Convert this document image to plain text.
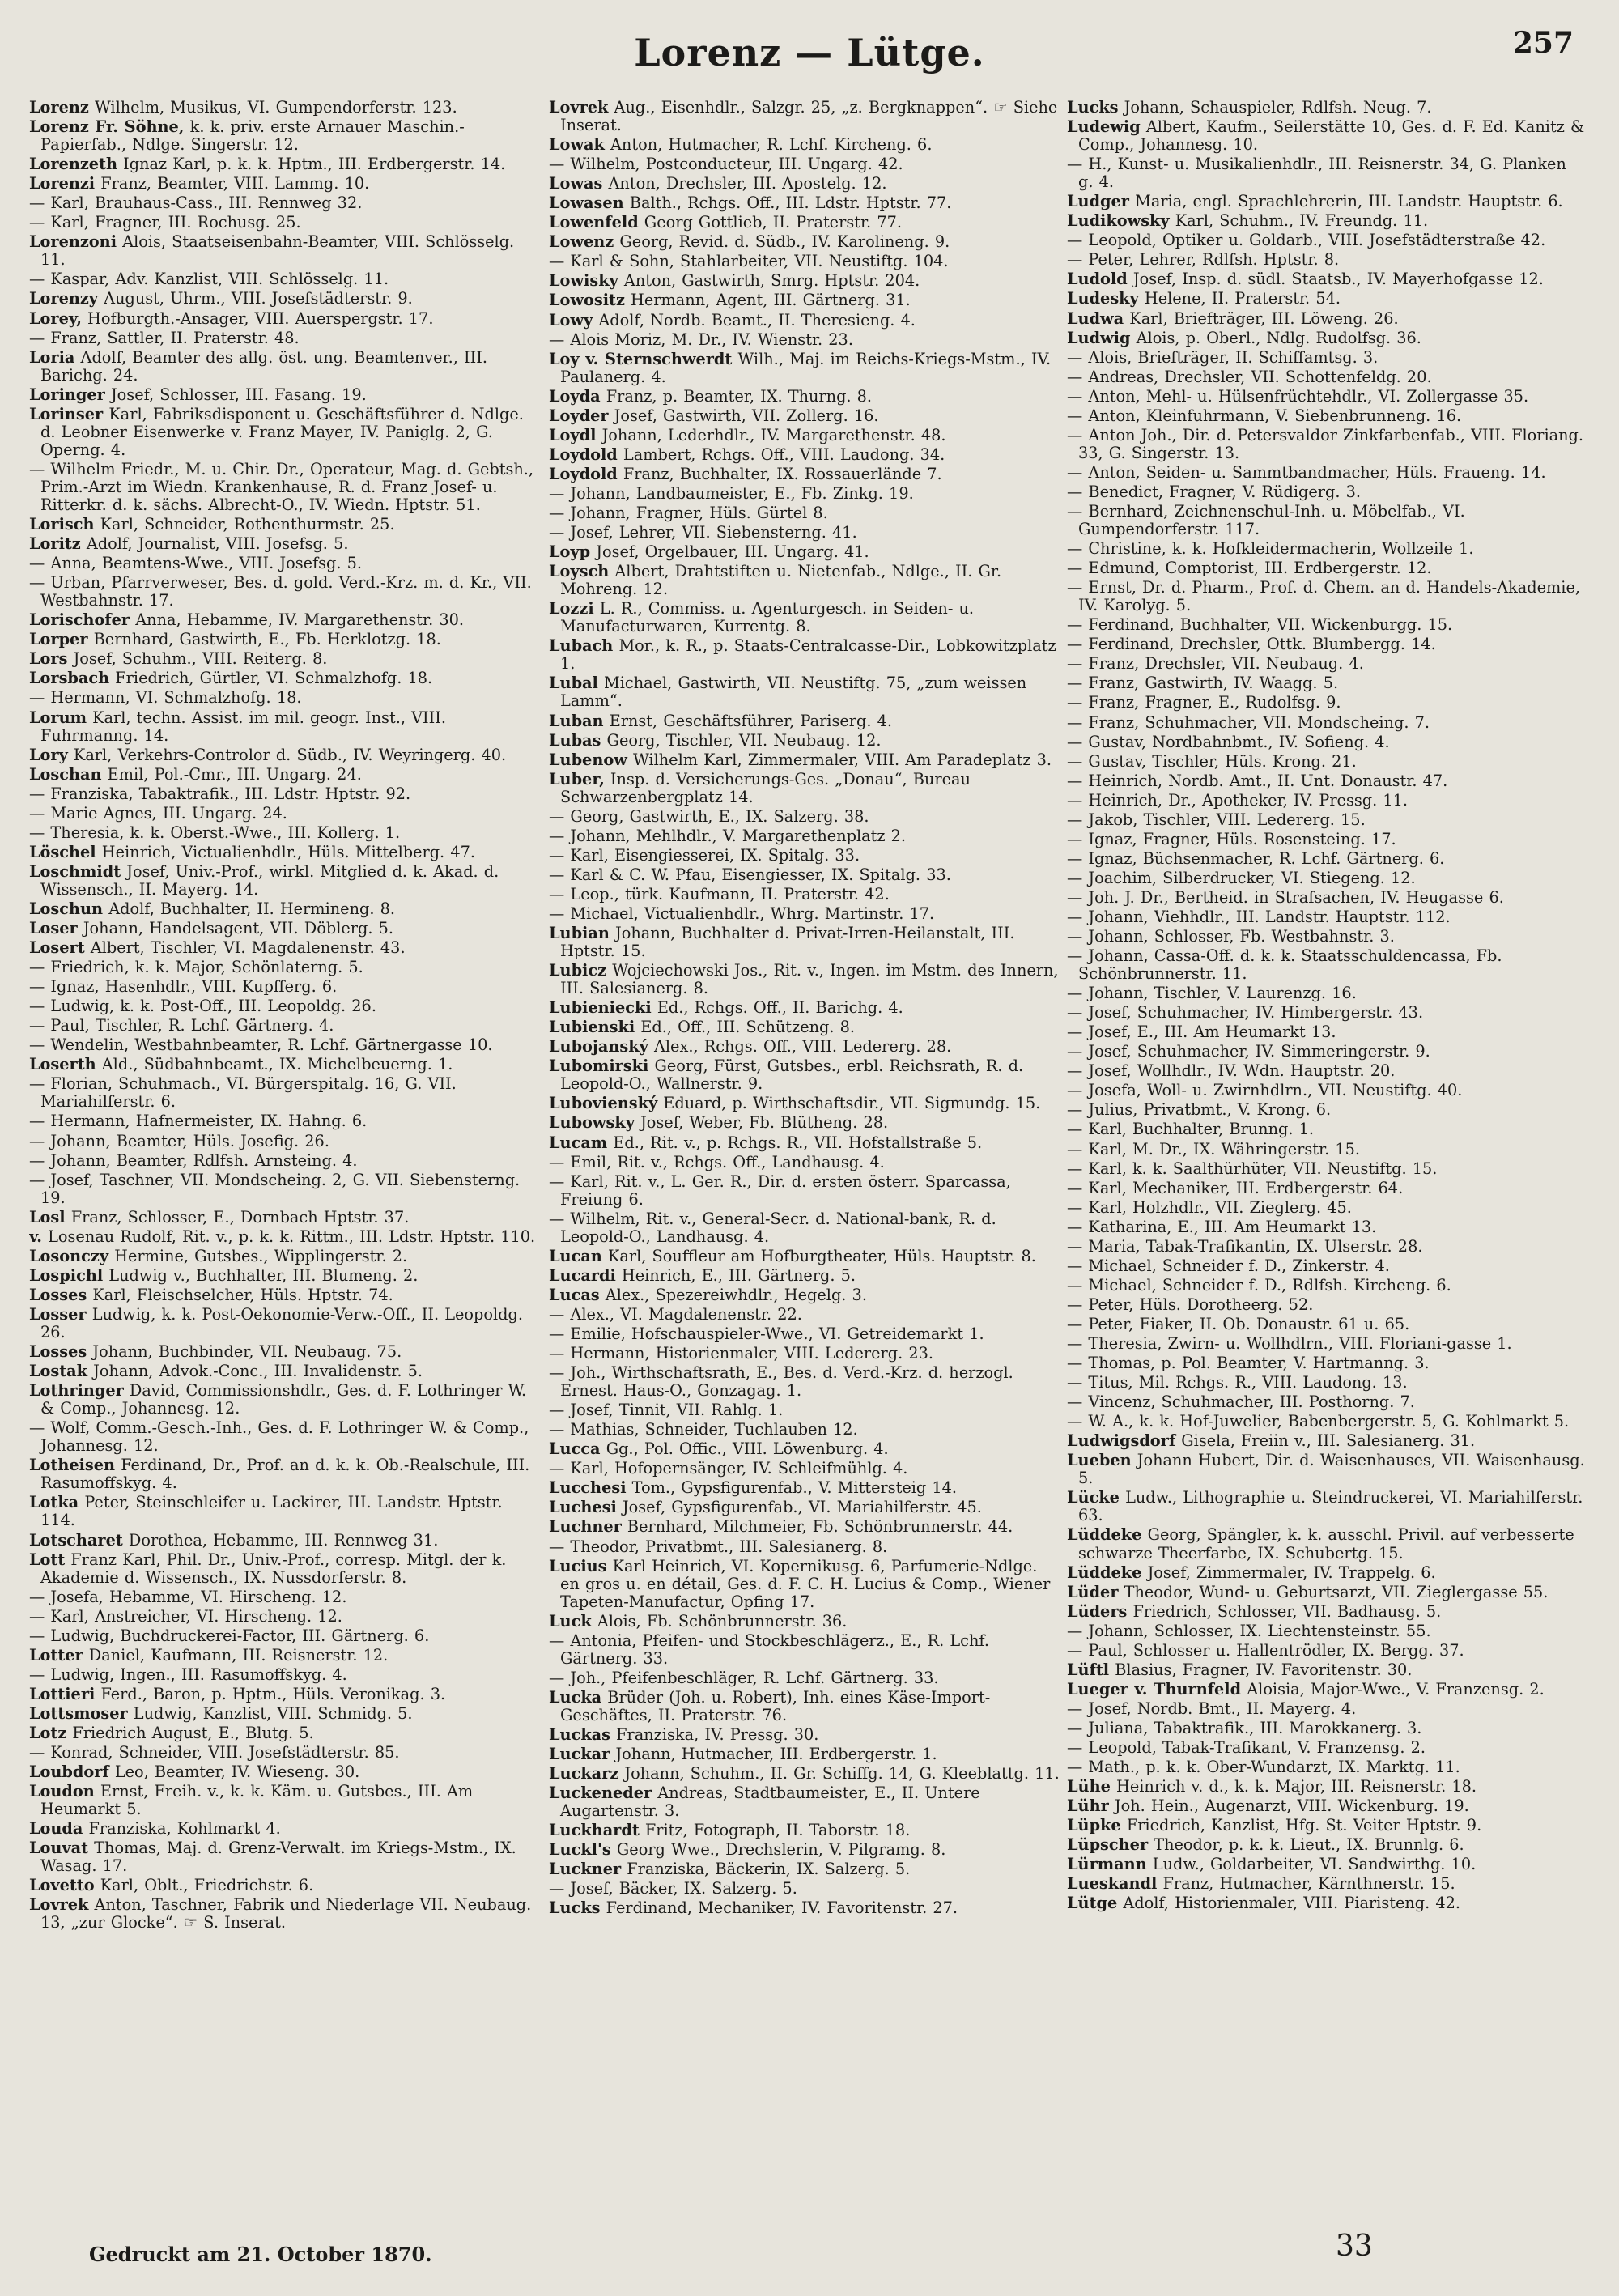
Lorenz — Lütge.	257
Lorenz Wilhelm, Musikus, VI. Gumpendorferstr. 123.
Lorenz Fr. Söhne, k. k. priv. erste Arnauer Maschin.-Papierfab., Ndlge. Singerstr. 12.
Lorenzeth Ignaz Karl, p. k. k. Hptm., III. Erdbergerstr. 14.
Lorenzi Franz, Beamter, VIII. Lammg. 10.
— Karl, Brauhaus-Cass., III. Rennweg 32.
— Karl, Fragner, III. Rochusg. 25.
Lorenzoni Alois, Staatseisenbahn-Beamter, VIII. Schlösselg. 11.
— Kaspar, Adv. Kanzlist, VIII. Schlösselg. 11.
Lorenzy August, Uhrm., VIII. Josefstädterstr. 9.
Lorey, Hofburgth.-Ansager, VIII. Auerspergstr. 17.
— Franz, Sattler, II. Praterstr. 48.
Loria Adolf, Beamter des allg. öst. ung. Beamtenver., III. Barichg. 24.
Loringer Josef, Schlosser, III. Fasang. 19.
Lorinser Karl, Fabriksdisponent u. Geschäftsführer d. Ndlge. d. Leobner Eisenwerke v. Franz Mayer, IV. Paniglg. 2, G. Operng. 4.
— Wilhelm Friedr., M. u. Chir. Dr., Operateur, Mag. d. Gebtsh., Prim.-Arzt im Wiedn. Krankenhause, R. d. Franz Josef- u. Ritterkr. d. k. sächs. Albrecht-O., IV. Wiedn. Hptstr. 51.
Lorisch Karl, Schneider, Rothenthurmstr. 25.
Loritz Adolf, Journalist, VIII. Josefsg. 5.
— Anna, Beamtens-Wwe., VIII. Josefsg. 5.
— Urban, Pfarrverweser, Bes. d. gold. Verd.-Krz. m. d. Kr., VII. Westbahnstr. 17.
Lorischofer Anna, Hebamme, IV. Margarethenstr. 30.
Lorper Bernhard, Gastwirth, E., Fb. Herklotzg. 18.
Lors Josef, Schuhm., VIII. Reiterg. 8.
Lorsbach Friedrich, Gürtler, VI. Schmalzhofg. 18.
— Hermann, VI. Schmalzhofg. 18.
Lorum Karl, techn. Assist. im mil. geogr. Inst., VIII. Fuhrmanng. 14.
Lory Karl, Verkehrs-Controlor d. Südb., IV. Weyringerg. 40.
Loschan Emil, Pol.-Cmr., III. Ungarg. 24.
— Franziska, Tabaktrafik., III. Ldstr. Hptstr. 92.
— Marie Agnes, III. Ungarg. 24.
— Theresia, k. k. Oberst.-Wwe., III. Kollerg. 1.
Löschel Heinrich, Victualienhdlr., Hüls. Mittelberg. 47.
Loschmidt Josef, Univ.-Prof., wirkl. Mitglied d. k. Akad. d. Wissensch., II. Mayerg. 14.
Loschun Adolf, Buchhalter, II. Hermineng. 8.
Loser Johann, Handelsagent, VII. Döblerg. 5.
Losert Albert, Tischler, VI. Magdalenenstr. 43.
— Friedrich, k. k. Major, Schönlaterng. 5.
— Ignaz, Hasenhdlr., VIII. Kupfferg. 6.
— Ludwig, k. k. Post-Off., III. Leopoldg. 26.
— Paul, Tischler, R. Lchf. Gärtnerg. 4.
— Wendelin, Westbahnbeamter, R. Lchf. Gärtnergasse 10.
Loserth Ald., Südbahnbeamt., IX. Michelbeuerng. 1.
— Florian, Schuhmach., VI. Bürgerspitalg. 16, G. VII. Mariahilferstr. 6.
— Hermann, Hafnermeister, IX. Hahng. 6.
— Johann, Beamter, Hüls. Josefig. 26.
— Johann, Beamter, Rdlfsh. Arnsteing. 4.
— Josef, Taschner, VII. Mondscheing. 2, G. VII. Siebensterng. 19.
Losl Franz, Schlosser, E., Dornbach Hptstr. 37.
v. Losenau Rudolf, Rit. v., p. k. k. Rittm., III. Ldstr. Hptstr. 110.
Losonczy Hermine, Gutsbes., Wipplingerstr. 2.
Lospichl Ludwig v., Buchhalter, III. Blumeng. 2.
Losses Karl, Fleischselcher, Hüls. Hptstr. 74.
Losser Ludwig, k. k. Post-Oekonomie-Verw.-Off., II. Leopoldg. 26.
Losses Johann, Buchbinder, VII. Neubaug. 75.
Lostak Johann, Advok.-Conc., III. Invalidenstr. 5.
Lothringer David, Commissionshdlr., Ges. d. F. Lothringer W. & Comp., Johannesg. 12.
— Wolf, Comm.-Gesch.-Inh., Ges. d. F. Lothringer W. & Comp., Johannesg. 12.
Lotheisen Ferdinand, Dr., Prof. an d. k. k. Ob.-Realschule, III. Rasumoffskyg. 4.
Lotka Peter, Steinschleifer u. Lackirer, III. Landstr. Hptstr. 114.
Lotscharet Dorothea, Hebamme, III. Rennweg 31.
Lott Franz Karl, Phil. Dr., Univ.-Prof., corresp. Mitgl. der k. Akademie d. Wissensch., IX. Nussdorferstr. 8.
— Josefa, Hebamme, VI. Hirscheng. 12.
— Karl, Anstreicher, VI. Hirscheng. 12.
— Ludwig, Buchdruckerei-Factor, III. Gärtnerg. 6.
Lotter Daniel, Kaufmann, III. Reisnerstr. 12.
— Ludwig, Ingen., III. Rasumoffskyg. 4.
Lottieri Ferd., Baron, p. Hptm., Hüls. Veronikag. 3.
Lottsmoser Ludwig, Kanzlist, VIII. Schmidg. 5.
Lotz Friedrich August, E., Blutg. 5.
— Konrad, Schneider, VIII. Josefstädterstr. 85.
Loubdorf Leo, Beamter, IV. Wieseng. 30.
Loudon Ernst, Freih. v., k. k. Käm. u. Gutsbes., III. Am Heumarkt 5.
Louda Franziska, Kohlmarkt 4.
Louvat Thomas, Maj. d. Grenz-Verwalt. im Kriegs-Mstm., IX. Wasag. 17.
Lovetto Karl, Oblt., Friedrichstr. 6.
Lovrek Anton, Taschner, Fabrik und Niederlage VII. Neubaug. 13, „zur Glocke“. ☞ S. Inserat.
Lovrek Aug., Eisenhdlr., Salzgr. 25, „z. Bergknappen“. ☞ Siehe Inserat.
Lowak Anton, Hutmacher, R. Lchf. Kircheng. 6.
— Wilhelm, Postconducteur, III. Ungarg. 42.
Lowas Anton, Drechsler, III. Apostelg. 12.
Lowasen Balth., Rchgs. Off., III. Ldstr. Hptstr. 77.
Lowenfeld Georg Gottlieb, II. Praterstr. 77.
Lowenz Georg, Revid. d. Südb., IV. Karolineng. 9.
— Karl & Sohn, Stahlarbeiter, VII. Neustiftg. 104.
Lowisky Anton, Gastwirth, Smrg. Hptstr. 204.
Lowositz Hermann, Agent, III. Gärtnerg. 31.
Lowy Adolf, Nordb. Beamt., II. Theresieng. 4.
— Alois Moriz, M. Dr., IV. Wienstr. 23.
Loy v. Sternschwerdt Wilh., Maj. im Reichs-Kriegs-Mstm., IV. Paulanerg. 4.
Loyda Franz, p. Beamter, IX. Thurng. 8.
Loyder Josef, Gastwirth, VII. Zollerg. 16.
Loydl Johann, Lederhdlr., IV. Margarethenstr. 48.
Loydold Lambert, Rchgs. Off., VIII. Laudong. 34.
Loydold Franz, Buchhalter, IX. Rossauerlände 7.
— Johann, Landbaumeister, E., Fb. Zinkg. 19.
— Johann, Fragner, Hüls. Gürtel 8.
— Josef, Lehrer, VII. Siebensterng. 41.
Loyp Josef, Orgelbauer, III. Ungarg. 41.
Loysch Albert, Drahtstiften u. Nietenfab., Ndlge., II. Gr. Mohreng. 12.
Lozzi L. R., Commiss. u. Agenturgesch. in Seiden- u. Manufacturwaren, Kurrentg. 8.
Lubach Mor., k. R., p. Staats-Centralcasse-Dir., Lobkowitzplatz 1.
Lubal Michael, Gastwirth, VII. Neustiftg. 75, „zum weissen Lamm“.
Luban Ernst, Geschäftsführer, Pariserg. 4.
Lubas Georg, Tischler, VII. Neubaug. 12.
Lubenow Wilhelm Karl, Zimmermaler, VIII. Am Paradeplatz 3.
Luber, Insp. d. Versicherungs-Ges. „Donau“, Bureau Schwarzenbergplatz 14.
— Georg, Gastwirth, E., IX. Salzerg. 38.
— Johann, Mehlhdlr., V. Margarethenplatz 2.
— Karl, Eisengiesserei, IX. Spitalg. 33.
— Karl & C. W. Pfau, Eisengiesser, IX. Spitalg. 33.
— Leop., türk. Kaufmann, II. Praterstr. 42.
— Michael, Victualienhdlr., Whrg. Martinstr. 17.
Lubian Johann, Buchhalter d. Privat-Irren-Heilanstalt, III. Hptstr. 15.
Lubicz Wojciechowski Jos., Rit. v., Ingen. im Mstm. des Innern, III. Salesianerg. 8.
Lubieniecki Ed., Rchgs. Off., II. Barichg. 4.
Lubienski Ed., Off., III. Schützeng. 8.
Lubojanský Alex., Rchgs. Off., VIII. Ledererg. 28.
Lubomirski Georg, Fürst, Gutsbes., erbl. Reichsrath, R. d. Leopold-O., Wallnerstr. 9.
Lubovienský Eduard, p. Wirthschaftsdir., VII. Sigmundg. 15.
Lubowsky Josef, Weber, Fb. Blütheng. 28.
Lucam Ed., Rit. v., p. Rchgs. R., VII. Hofstallstraße 5.
— Emil, Rit. v., Rchgs. Off., Landhausg. 4.
— Karl, Rit. v., L. Ger. R., Dir. d. ersten österr. Sparcassa, Freiung 6.
— Wilhelm, Rit. v., General-Secr. d. National-bank, R. d. Leopold-O., Landhausg. 4.
Lucan Karl, Souffleur am Hofburgtheater, Hüls. Hauptstr. 8.
Lucardi Heinrich, E., III. Gärtnerg. 5.
Lucas Alex., Spezereiwhdlr., Hegelg. 3.
— Alex., VI. Magdalenenstr. 22.
— Emilie, Hofschauspieler-Wwe., VI. Getreidemarkt 1.
— Hermann, Historienmaler, VIII. Ledererg. 23.
— Joh., Wirthschaftsrath, E., Bes. d. Verd.-Krz. d. herzogl. Ernest. Haus-O., Gonzagag. 1.
— Josef, Tinnit, VII. Rahlg. 1.
— Mathias, Schneider, Tuchlauben 12.
Lucca Gg., Pol. Offic., VIII. Löwenburg. 4.
— Karl, Hofopernsänger, IV. Schleifmühlg. 4.
Lucchesi Tom., Gypsfigurenfab., V. Mittersteig 14.
Luchesi Josef, Gypsfigurenfab., VI. Mariahilferstr. 45.
Luchner Bernhard, Milchmeier, Fb. Schönbrunnerstr. 44.
— Theodor, Privatbmt., III. Salesianerg. 8.
Lucius Karl Heinrich, VI. Kopernikusg. 6, Parfumerie-Ndlge. en gros u. en détail, Ges. d. F. C. H. Lucius & Comp., Wiener Tapeten-Manufactur, Opfing 17.
Luck Alois, Fb. Schönbrunnerstr. 36.
— Antonia, Pfeifen- und Stockbeschlägerz., E., R. Lchf. Gärtnerg. 33.
— Joh., Pfeifenbeschläger, R. Lchf. Gärtnerg. 33.
Lucka Brüder (Joh. u. Robert), Inh. eines Käse-Import-Geschäftes, II. Praterstr. 76.
Luckas Franziska, IV. Pressg. 30.
Luckar Johann, Hutmacher, III. Erdbergerstr. 1.
Luckarz Johann, Schuhm., II. Gr. Schiffg. 14, G. Kleeblattg. 11.
Luckeneder Andreas, Stadtbaumeister, E., II. Untere Augartenstr. 3.
Luckhardt Fritz, Fotograph, II. Taborstr. 18.
Luckl's Georg Wwe., Drechslerin, V. Pilgramg. 8.
Luckner Franziska, Bäckerin, IX. Salzerg. 5.
— Josef, Bäcker, IX. Salzerg. 5.
Lucks Ferdinand, Mechaniker, IV. Favoritenstr. 27.
Lucks Johann, Schauspieler, Rdlfsh. Neug. 7.
Ludewig Albert, Kaufm., Seilerstätte 10, Ges. d. F. Ed. Kanitz & Comp., Johannesg. 10.
— H., Kunst- u. Musikalienhdlr., III. Reisnerstr. 34, G. Planken g. 4.
Ludger Maria, engl. Sprachlehrerin, III. Landstr. Hauptstr. 6.
Ludikowsky Karl, Schuhm., IV. Freundg. 11.
— Leopold, Optiker u. Goldarb., VIII. Josefstädterstraße 42.
— Peter, Lehrer, Rdlfsh. Hptstr. 8.
Ludold Josef, Insp. d. südl. Staatsb., IV. Mayerhofgasse 12.
Ludesky Helene, II. Praterstr. 54.
Ludwa Karl, Briefträger, III. Löweng. 26.
Ludwig Alois, p. Oberl., Ndlg. Rudolfsg. 36.
— Alois, Briefträger, II. Schiffamtsg. 3.
— Andreas, Drechsler, VII. Schottenfeldg. 20.
— Anton, Mehl- u. Hülsenfrüchtehdlr., VI. Zollergasse 35.
— Anton, Kleinfuhrmann, V. Siebenbrunneng. 16.
— Anton Joh., Dir. d. Petersvaldor Zinkfarbenfab., VIII. Floriang. 33, G. Singerstr. 13.
— Anton, Seiden- u. Sammtbandmacher, Hüls. Fraueng. 14.
— Benedict, Fragner, V. Rüdigerg. 3.
— Bernhard, Zeichnenschul-Inh. u. Möbelfab., VI. Gumpendorferstr. 117.
— Christine, k. k. Hofkleidermacherin, Wollzeile 1.
— Edmund, Comptorist, III. Erdbergerstr. 12.
— Ernst, Dr. d. Pharm., Prof. d. Chem. an d. Handels-Akademie, IV. Karolyg. 5.
— Ferdinand, Buchhalter, VII. Wickenburgg. 15.
— Ferdinand, Drechsler, Ottk. Blumbergg. 14.
— Franz, Drechsler, VII. Neubaug. 4.
— Franz, Gastwirth, IV. Waagg. 5.
— Franz, Fragner, E., Rudolfsg. 9.
— Franz, Schuhmacher, VII. Mondscheing. 7.
— Gustav, Nordbahnbmt., IV. Sofieng. 4.
— Gustav, Tischler, Hüls. Krong. 21.
— Heinrich, Nordb. Amt., II. Unt. Donaustr. 47.
— Heinrich, Dr., Apotheker, IV. Pressg. 11.
— Jakob, Tischler, VIII. Ledererg. 15.
— Ignaz, Fragner, Hüls. Rosensteing. 17.
— Ignaz, Büchsenmacher, R. Lchf. Gärtnerg. 6.
— Joachim, Silberdrucker, VI. Stiegeng. 12.
— Joh. J. Dr., Bertheid. in Strafsachen, IV. Heugasse 6.
— Johann, Viehhdlr., III. Landstr. Hauptstr. 112.
— Johann, Schlosser, Fb. Westbahnstr. 3.
— Johann, Cassa-Off. d. k. k. Staatsschuldencassa, Fb. Schönbrunnerstr. 11.
— Johann, Tischler, V. Laurenzg. 16.
— Josef, Schuhmacher, IV. Himbergerstr. 43.
— Josef, E., III. Am Heumarkt 13.
— Josef, Schuhmacher, IV. Simmeringerstr. 9.
— Josef, Wollhdlr., IV. Wdn. Hauptstr. 20.
— Josefa, Woll- u. Zwirnhdlrn., VII. Neustiftg. 40.
— Julius, Privatbmt., V. Krong. 6.
— Karl, Buchhalter, Brunng. 1.
— Karl, M. Dr., IX. Währingerstr. 15.
— Karl, k. k. Saalthürhüter, VII. Neustiftg. 15.
— Karl, Mechaniker, III. Erdbergerstr. 64.
— Karl, Holzhdlr., VII. Zieglerg. 45.
— Katharina, E., III. Am Heumarkt 13.
— Maria, Tabak-Trafikantin, IX. Ulserstr. 28.
— Michael, Schneider f. D., Zinkerstr. 4.
— Michael, Schneider f. D., Rdlfsh. Kircheng. 6.
— Peter, Hüls. Dorotheerg. 52.
— Peter, Fiaker, II. Ob. Donaustr. 61 u. 65.
— Theresia, Zwirn- u. Wollhdlrn., VIII. Floriani-gasse 1.
— Thomas, p. Pol. Beamter, V. Hartmanng. 3.
— Titus, Mil. Rchgs. R., VIII. Laudong. 13.
— Vincenz, Schuhmacher, III. Posthorng. 7.
— W. A., k. k. Hof-Juwelier, Babenbergerstr. 5, G. Kohlmarkt 5.
Ludwigsdorf Gisela, Freiin v., III. Salesianerg. 31.
Lueben Johann Hubert, Dir. d. Waisenhauses, VII. Waisenhausg. 5.
Lücke Ludw., Lithographie u. Steindruckerei, VI. Mariahilferstr. 63.
Lüddeke Georg, Spängler, k. k. ausschl. Privil. auf verbesserte schwarze Theerfarbe, IX. Schubertg. 15.
Lüddeke Josef, Zimmermaler, IV. Trappelg. 6.
Lüder Theodor, Wund- u. Geburtsarzt, VII. Zieglergasse 55.
Lüders Friedrich, Schlosser, VII. Badhausg. 5.
— Johann, Schlosser, IX. Liechtensteinstr. 55.
— Paul, Schlosser u. Hallentrödler, IX. Bergg. 37.
Lüftl Blasius, Fragner, IV. Favoritenstr. 30.
Lueger v. Thurnfeld Aloisia, Major-Wwe., V. Franzensg. 2.
— Josef, Nordb. Bmt., II. Mayerg. 4.
— Juliana, Tabaktrafik., III. Marokkanerg. 3.
— Leopold, Tabak-Trafikant, V. Franzensg. 2.
— Math., p. k. k. Ober-Wundarzt, IX. Marktg. 11.
Lühe Heinrich v. d., k. k. Major, III. Reisnerstr. 18.
Lühr Joh. Hein., Augenarzt, VIII. Wickenburg. 19.
Lüpke Friedrich, Kanzlist, Hfg. St. Veiter Hptstr. 9.
Lüpscher Theodor, p. k. k. Lieut., IX. Brunnlg. 6.
Lürmann Ludw., Goldarbeiter, VI. Sandwirthg. 10.
Lueskandl Franz, Hutmacher, Kärnthnerstr. 15.
Lütge Adolf, Historienmaler, VIII. Piaristeng. 42.
Gedruckt am 21. October 1870.	33
